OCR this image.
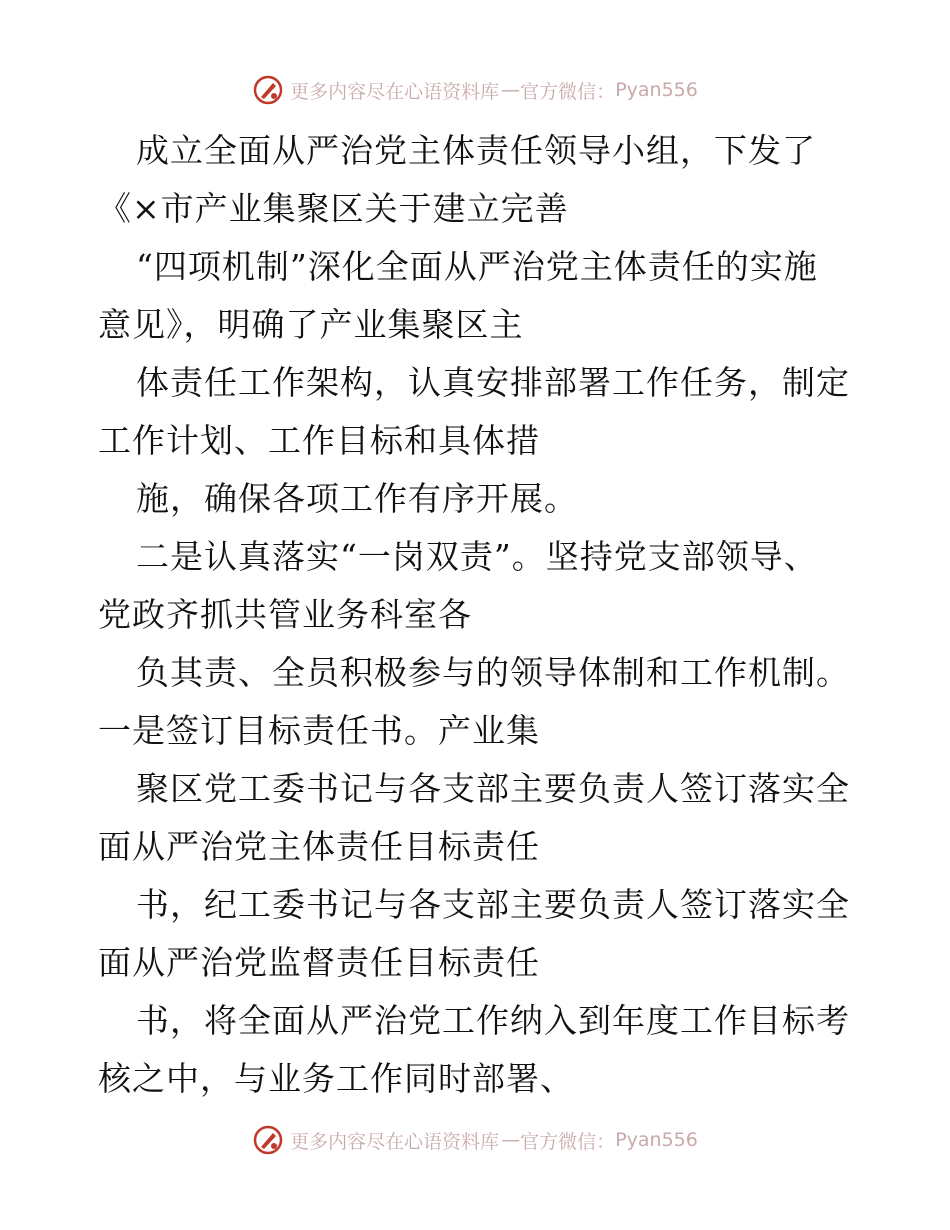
更多内容尽在心语资料库 — 官方微信： Pyan556
成立全面从严治党主体责任领导小组，下发了
《×市产业集聚区关于建立完善
“四项机制”深化全面从严治党主体责任的实施
意见》，明确了产业集聚区主
体责任工作架构，认真安排部署工作任务，制定
工作计划、工作目标和具体措
施，确保各项工作有序开展。
二是认真落实“一岗双责”。坚持党支部领导、
党政齐抓共管业务科室各
负其责、全员积极参与的领导体制和工作机制。
一是签订目标责任书。产业集
聚区党工委书记与各支部主要负责人签订落实全
面从严治党主体责任目标责任
书，纪工委书记与各支部主要负责人签订落实全
面从严治党监督责任目标责任
书，将全面从严治党工作纳入到年度工作目标考
核之中，与业务工作同时部署、
更多内容尽在心语资料库 — 官方微信： Pyan556
